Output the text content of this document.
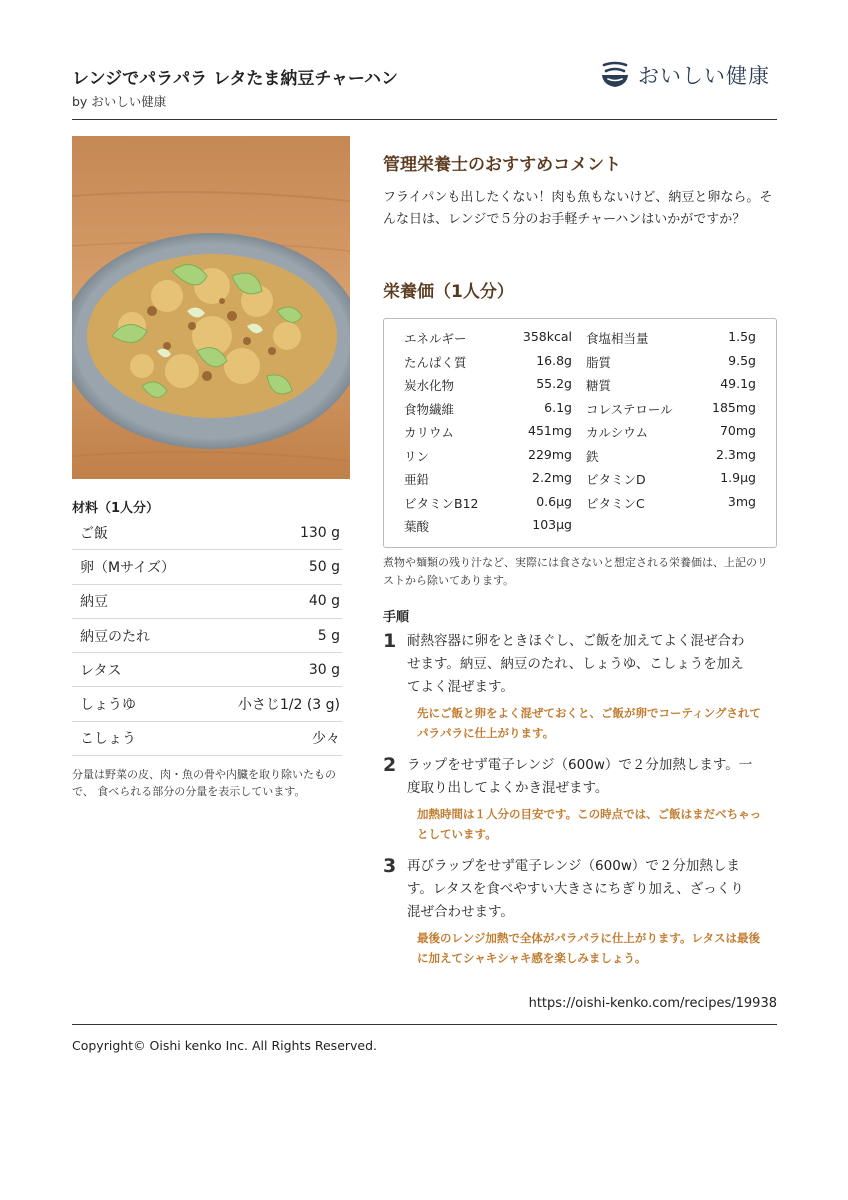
レンジでパラパラ レタたま納豆チャーハン
by おいしい健康
おいしい健康
材料（1人分）
ご飯	130 g
卵（Mサイズ）	50 g
納豆	40 g
納豆のたれ	5 g
レタス	30 g
しょうゆ	小さじ1/2 (3 g)
こしょう	少々
分量は野菜の皮、肉・魚の骨や内臓を取り除いたもので、 食べられる部分の分量を表示しています。
管理栄養士のおすすめコメント
フライパンも出したくない！肉も魚もないけど、納豆と卵なら。そんな日は、レンジで５分のお手軽チャーハンはいかがですか？
栄養価（1人分）
エネルギー	358kcal	食塩相当量	1.5g
たんぱく質	16.8g	脂質	9.5g
炭水化物	55.2g	糖質	49.1g
食物繊維	6.1g	コレステロール	185mg
カリウム	451mg	カルシウム	70mg
リン	229mg	鉄	2.3mg
亜鉛	2.2mg	ビタミンD	1.9μg
ビタミンB12	0.6μg	ビタミンC	3mg
葉酸	103μg
煮物や麺類の残り汁など、実際には食さないと想定される栄養価は、上記のリストから除いてあります。
手順
1 耐熱容器に卵をときほぐし、ご飯を加えてよく混ぜ合わせます。納豆、納豆のたれ、しょうゆ、こしょうを加えてよく混ぜます。
先にご飯と卵をよく混ぜておくと、ご飯が卵でコーティングされてパラパラに仕上がります。
2 ラップをせず電子レンジ（600w）で２分加熱します。一度取り出してよくかき混ぜます。
加熱時間は１人分の目安です。この時点では、ご飯はまだべちゃっとしています。
3 再びラップをせず電子レンジ（600w）で２分加熱します。レタスを食べやすい大きさにちぎり加え、ざっくり混ぜ合わせます。
最後のレンジ加熱で全体がパラパラに仕上がります。レタスは最後に加えてシャキシャキ感を楽しみましょう。
https://oishi-kenko.com/recipes/19938
Copyright© Oishi kenko Inc. All Rights Reserved.
